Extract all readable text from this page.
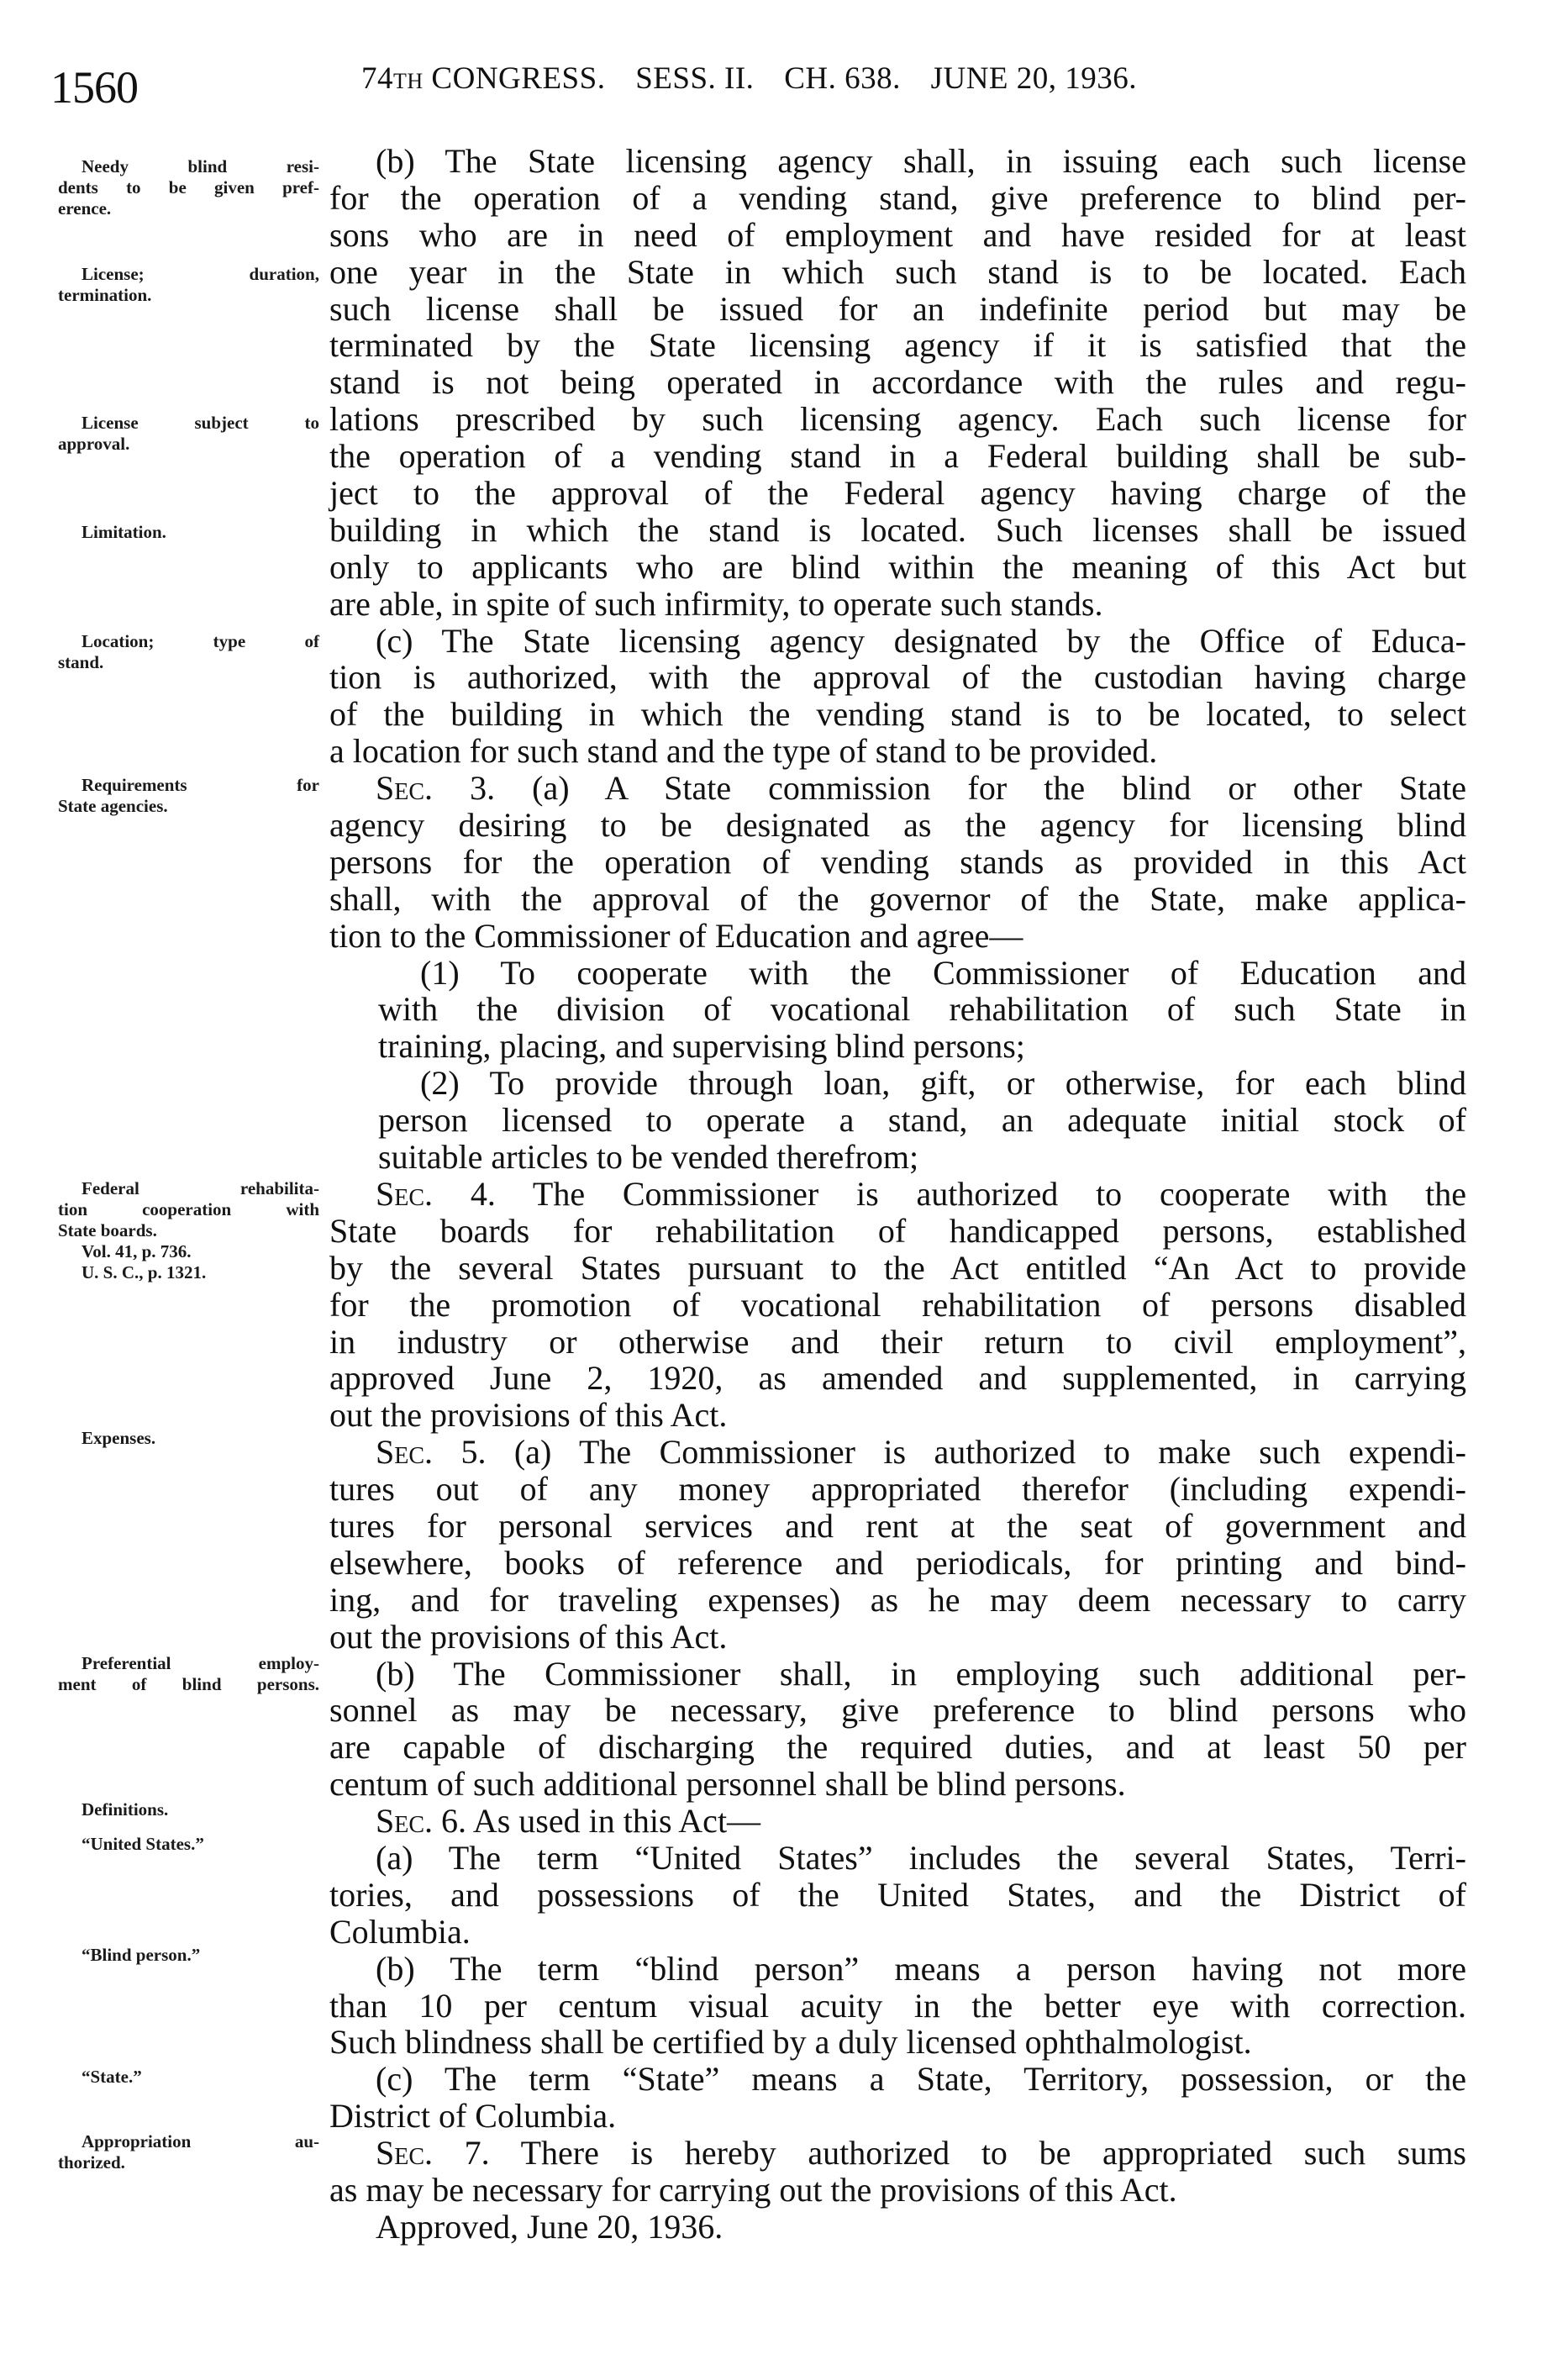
1560	74TH CONGRESS. SESS. II. CH. 638. JUNE 20, 1936.
Needy blind resi-
dents to be given pref-
erence.
License; duration,
termination.
License subject to
approval.
Limitation.
Location; type of
stand.
Requirements for
State agencies.
Federal rehabilita-
tion cooperation with
State boards.
Vol. 41, p. 736.
U. S. C., p. 1321.
Expenses.
Preferential employ-
ment of blind persons.
Definitions.
“United States.”
“Blind person.”
“State.”
Appropriation au-
thorized.
(b) The State licensing agency shall, in issuing each such license
for the operation of a vending stand, give preference to blind per-
sons who are in need of employment and have resided for at least
one year in the State in which such stand is to be located. Each
such license shall be issued for an indefinite period but may be
terminated by the State licensing agency if it is satisfied that the
stand is not being operated in accordance with the rules and regu-
lations prescribed by such licensing agency. Each such license for
the operation of a vending stand in a Federal building shall be sub-
ject to the approval of the Federal agency having charge of the
building in which the stand is located. Such licenses shall be issued
only to applicants who are blind within the meaning of this Act but
are able, in spite of such infirmity, to operate such stands.
(c) The State licensing agency designated by the Office of Educa-
tion is authorized, with the approval of the custodian having charge
of the building in which the vending stand is to be located, to select
a location for such stand and the type of stand to be provided.
Sec. 3. (a) A State commission for the blind or other State
agency desiring to be designated as the agency for licensing blind
persons for the operation of vending stands as provided in this Act
shall, with the approval of the governor of the State, make applica-
tion to the Commissioner of Education and agree—
(1) To cooperate with the Commissioner of Education and
with the division of vocational rehabilitation of such State in
training, placing, and supervising blind persons;
(2) To provide through loan, gift, or otherwise, for each blind
person licensed to operate a stand, an adequate initial stock of
suitable articles to be vended therefrom;
Sec. 4. The Commissioner is authorized to cooperate with the
State boards for rehabilitation of handicapped persons, established
by the several States pursuant to the Act entitled “An Act to provide
for the promotion of vocational rehabilitation of persons disabled
in industry or otherwise and their return to civil employment”,
approved June 2, 1920, as amended and supplemented, in carrying
out the provisions of this Act.
Sec. 5. (a) The Commissioner is authorized to make such expendi-
tures out of any money appropriated therefor (including expendi-
tures for personal services and rent at the seat of government and
elsewhere, books of reference and periodicals, for printing and bind-
ing, and for traveling expenses) as he may deem necessary to carry
out the provisions of this Act.
(b) The Commissioner shall, in employing such additional per-
sonnel as may be necessary, give preference to blind persons who
are capable of discharging the required duties, and at least 50 per
centum of such additional personnel shall be blind persons.
Sec. 6. As used in this Act—
(a) The term “United States” includes the several States, Terri-
tories, and possessions of the United States, and the District of
Columbia.
(b) The term “blind person” means a person having not more
than 10 per centum visual acuity in the better eye with correction.
Such blindness shall be certified by a duly licensed ophthalmologist.
(c) The term “State” means a State, Territory, possession, or the
District of Columbia.
Sec. 7. There is hereby authorized to be appropriated such sums
as may be necessary for carrying out the provisions of this Act.
Approved, June 20, 1936.
